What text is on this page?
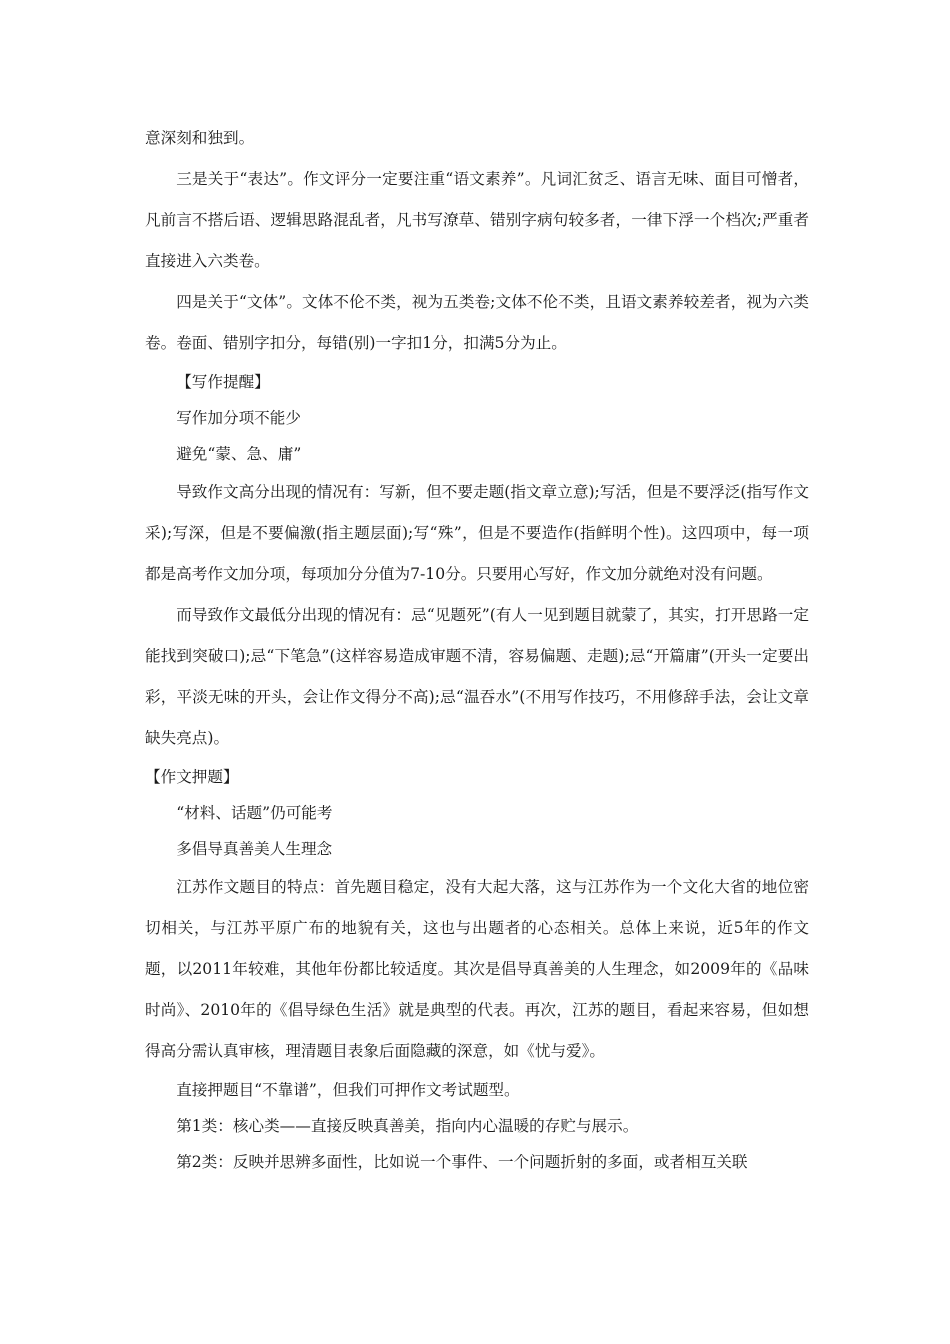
意深刻和独到。

三是关于“表达”。作文评分一定要注重“语文素养”。凡词汇贫乏、语言无味、面目可憎者，凡前言不搭后语、逻辑思路混乱者，凡书写潦草、错别字病句较多者，一律下浮一个档次;严重者直接进入六类卷。

四是关于“文体”。文体不伦不类，视为五类卷;文体不伦不类，且语文素养较差者，视为六类卷。卷面、错别字扣分，每错(别)一字扣1分，扣满5分为止。

【写作提醒】

写作加分项不能少

避免“蒙、急、庸”

导致作文高分出现的情况有：写新，但不要走题(指文章立意);写活，但是不要浮泛(指写作文采);写深，但是不要偏激(指主题层面);写“殊”，但是不要造作(指鲜明个性)。这四项中，每一项都是高考作文加分项，每项加分分值为7-10分。只要用心写好，作文加分就绝对没有问题。

而导致作文最低分出现的情况有：忌“见题死”(有人一见到题目就蒙了，其实，打开思路一定能找到突破口);忌“下笔急”(这样容易造成审题不清，容易偏题、走题);忌“开篇庸”(开头一定要出彩，平淡无味的开头，会让作文得分不高);忌“温吞水”(不用写作技巧，不用修辞手法，会让文章缺失亮点)。

【作文押题】

“材料、话题”仍可能考

多倡导真善美人生理念

江苏作文题目的特点：首先题目稳定，没有大起大落，这与江苏作为一个文化大省的地位密切相关，与江苏平原广布的地貌有关，这也与出题者的心态相关。总体上来说，近5年的作文题，以2011年较难，其他年份都比较适度。其次是倡导真善美的人生理念，如2009年的《品味时尚》、2010年的《倡导绿色生活》就是典型的代表。再次，江苏的题目，看起来容易，但如想得高分需认真审核，理清题目表象后面隐藏的深意，如《忧与爱》。

直接押题目“不靠谱”，但我们可押作文考试题型。

第1类：核心类——直接反映真善美，指向内心温暖的存贮与展示。

第2类：反映并思辨多面性，比如说一个事件、一个问题折射的多面，或者相互关联
